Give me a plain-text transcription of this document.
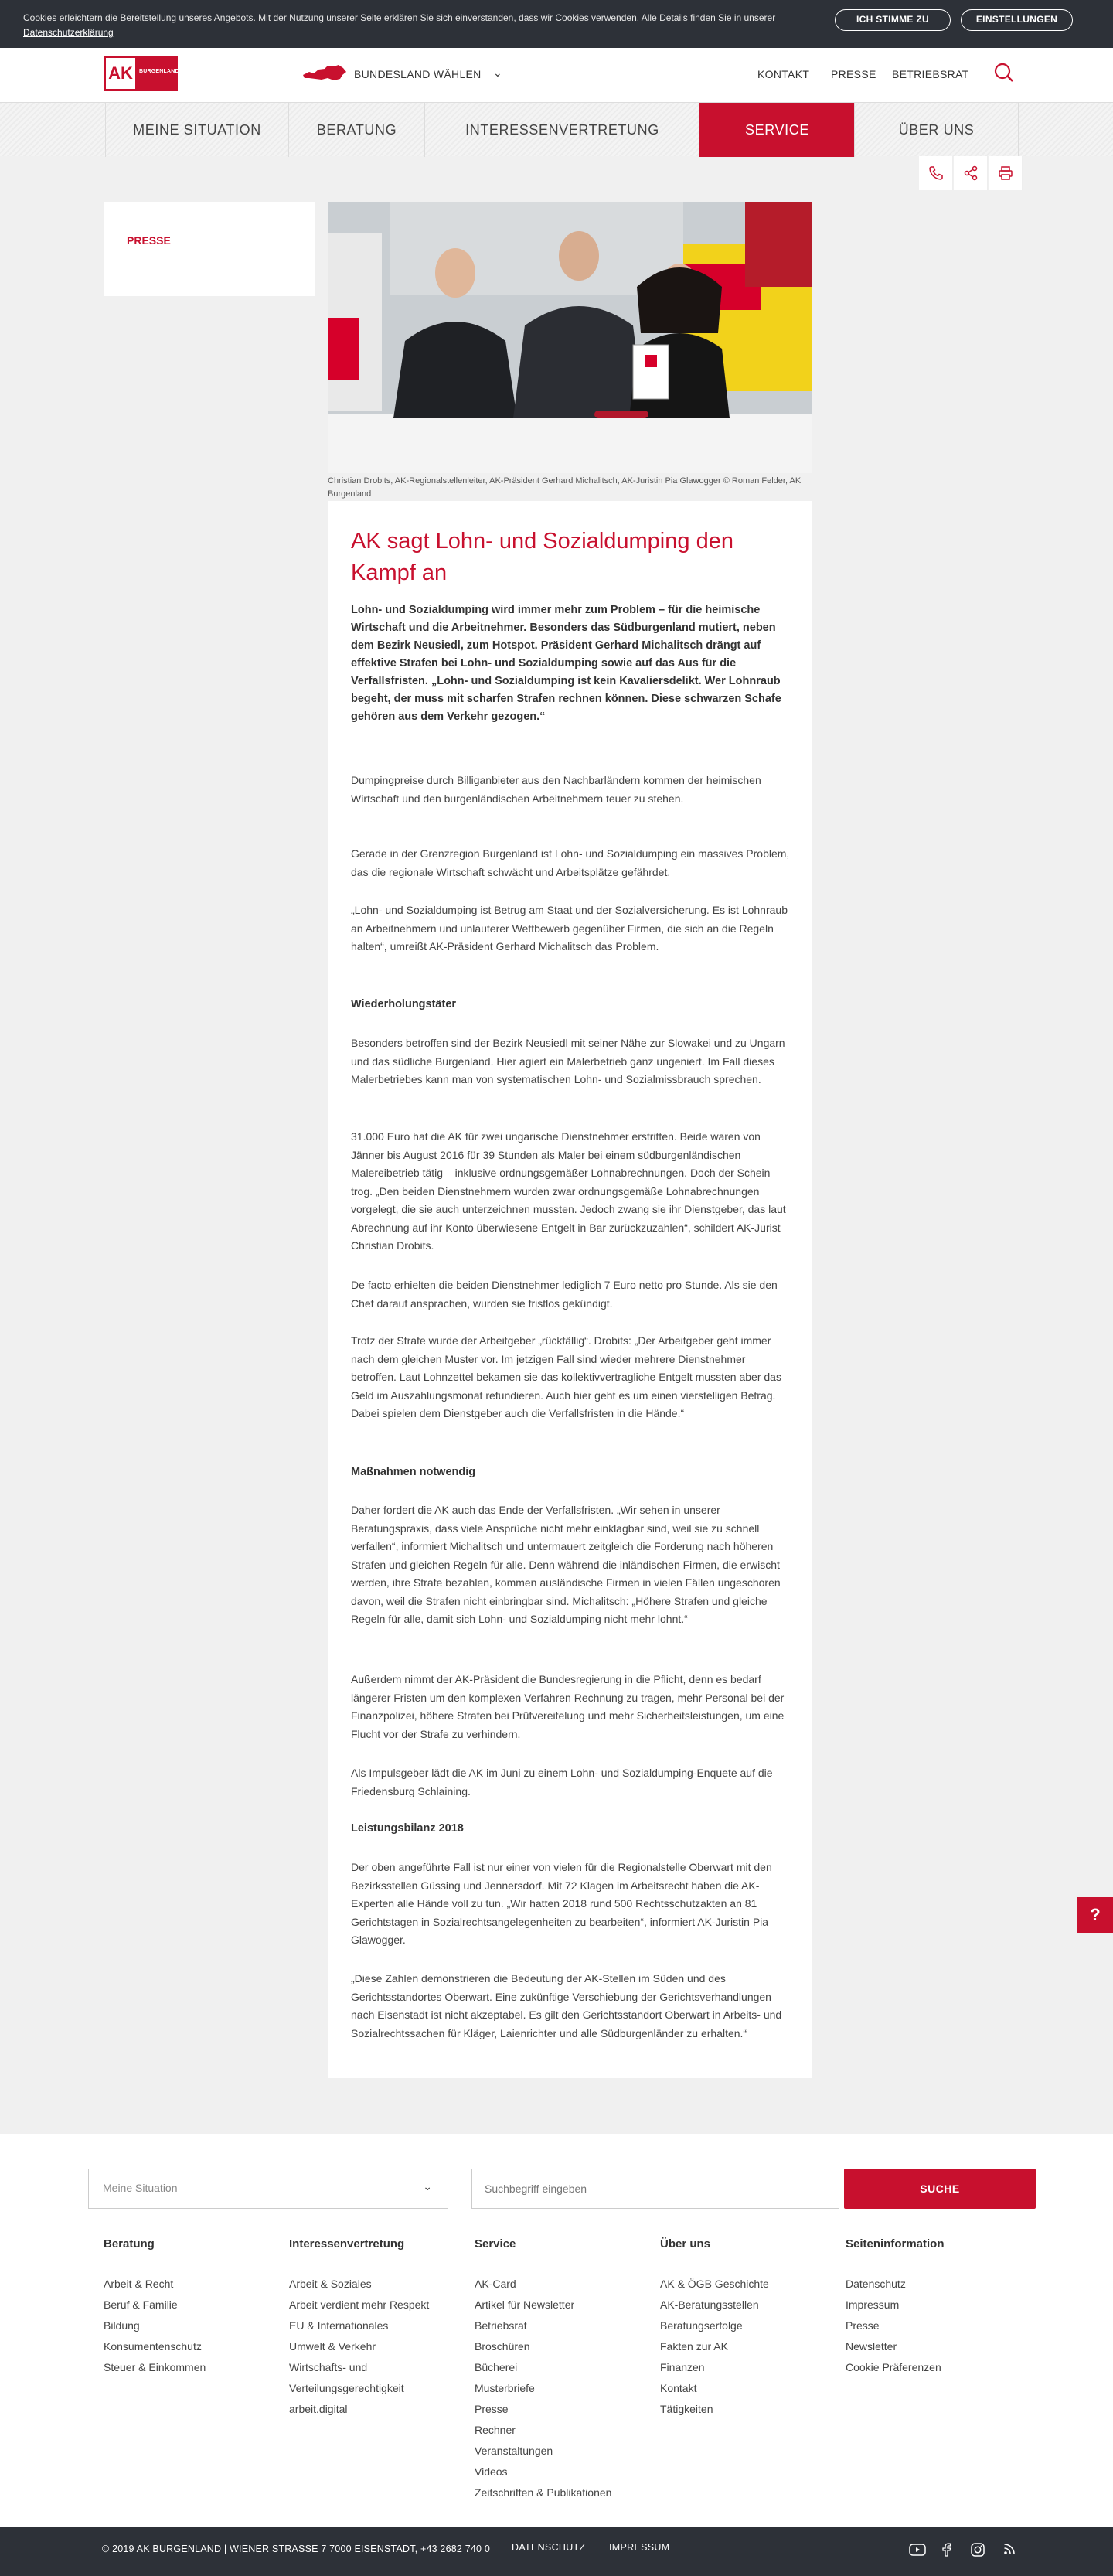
Cookies erleichtern die Bereitstellung unseres Angebots. Mit der Nutzung unserer Seite erklären Sie sich einverstanden, dass wir Cookies verwenden. Alle Details finden Sie in unserer
Datenschutzerklärung
ICH STIMME ZU	EINSTELLUNGEN
AK	BURGENLAND	BUNDESLAND WÄHLEN ⌄	KONTAKT PRESSE BETRIEBSRAT
MEINE SITUATION	BERATUNG	INTERESSENVERTRETUNG	SERVICE	ÜBER UNS
PRESSE
Christian Drobits, AK-Regionalstellenleiter, AK-Präsident Gerhard Michalitsch, AK-Juristin Pia Glawogger © Roman Felder, AK Burgenland
AK sagt Lohn- und Sozialdumping den Kampf an

Lohn- und Sozialdumping wird immer mehr zum Problem – für die heimische Wirtschaft und die Arbeitnehmer. Besonders das Südburgenland mutiert, neben dem Bezirk Neusiedl, zum Hotspot. Präsident Gerhard Michalitsch drängt auf effektive Strafen bei Lohn- und Sozialdumping sowie auf das Aus für die Verfallsfristen. „Lohn- und Sozialdumping ist kein Kavaliersdelikt. Wer Lohnraub begeht, der muss mit scharfen Strafen rechnen können. Diese schwarzen Schafe gehören aus dem Verkehr gezogen.“

Dumpingpreise durch Billiganbieter aus den Nachbarländern kommen der heimischen Wirtschaft und den burgenländischen Arbeitnehmern teuer zu stehen.

Gerade in der Grenzregion Burgenland ist Lohn- und Sozialdumping ein massives Problem, das die regionale Wirtschaft schwächt und Arbeitsplätze gefährdet.

„Lohn- und Sozialdumping ist Betrug am Staat und der Sozialversicherung. Es ist Lohnraub an Arbeitnehmern und unlauterer Wettbewerb gegenüber Firmen, die sich an die Regeln halten“, umreißt AK-Präsident Gerhard Michalitsch das Problem.

Wiederholungstäter

Besonders betroffen sind der Bezirk Neusiedl mit seiner Nähe zur Slowakei und zu Ungarn und das südliche Burgenland. Hier agiert ein Malerbetrieb ganz ungeniert. Im Fall dieses Malerbetriebes kann man von systematischen Lohn- und Sozialmissbrauch sprechen.

31.000 Euro hat die AK für zwei ungarische Dienstnehmer erstritten. Beide waren von Jänner bis August 2016 für 39 Stunden als Maler bei einem südburgenländischen Malereibetrieb tätig – inklusive ordnungsgemäßer Lohnabrechnungen. Doch der Schein trog. „Den beiden Dienstnehmern wurden zwar ordnungsgemäße Lohnabrechnungen vorgelegt, die sie auch unterzeichnen mussten. Jedoch zwang sie ihr Dienstgeber, das laut Abrechnung auf ihr Konto überwiesene Entgelt in Bar zurückzuzahlen“, schildert AK-Jurist Christian Drobits.

De facto erhielten die beiden Dienstnehmer lediglich 7 Euro netto pro Stunde. Als sie den Chef darauf ansprachen, wurden sie fristlos gekündigt.

Trotz der Strafe wurde der Arbeitgeber „rückfällig“. Drobits: „Der Arbeitgeber geht immer nach dem gleichen Muster vor. Im jetzigen Fall sind wieder mehrere Dienstnehmer betroffen. Laut Lohnzettel bekamen sie das kollektivvertragliche Entgelt mussten aber das Geld im Auszahlungsmonat refundieren. Auch hier geht es um einen vierstelligen Betrag. Dabei spielen dem Dienstgeber auch die Verfallsfristen in die Hände.“

Maßnahmen notwendig

Daher fordert die AK auch das Ende der Verfallsfristen. „Wir sehen in unserer Beratungspraxis, dass viele Ansprüche nicht mehr einklagbar sind, weil sie zu schnell verfallen“, informiert Michalitsch und untermauert zeitgleich die Forderung nach höheren Strafen und gleichen Regeln für alle. Denn während die inländischen Firmen, die erwischt werden, ihre Strafe bezahlen, kommen ausländische Firmen in vielen Fällen ungeschoren davon, weil die Strafen nicht einbringbar sind. Michalitsch: „Höhere Strafen und gleiche Regeln für alle, damit sich Lohn- und Sozialdumping nicht mehr lohnt.“

Außerdem nimmt der AK-Präsident die Bundesregierung in die Pflicht, denn es bedarf längerer Fristen um den komplexen Verfahren Rechnung zu tragen, mehr Personal bei der Finanzpolizei, höhere Strafen bei Prüfvereitelung und mehr Sicherheitsleistungen, um eine Flucht vor der Strafe zu verhindern.

Als Impulsgeber lädt die AK im Juni zu einem Lohn- und Sozialdumping-Enquete auf die Friedensburg Schlaining.

Leistungsbilanz 2018

Der oben angeführte Fall ist nur einer von vielen für die Regionalstelle Oberwart mit den Bezirksstellen Güssing und Jennersdorf. Mit 72 Klagen im Arbeitsrecht haben die AK-Experten alle Hände voll zu tun. „Wir hatten 2018 rund 500 Rechtsschutzakten an 81 Gerichtstagen in Sozialrechtsangelegenheiten zu bearbeiten“, informiert AK-Juristin Pia Glawogger.

„Diese Zahlen demonstrieren die Bedeutung der AK-Stellen im Süden und des Gerichtsstandortes Oberwart. Eine zukünftige Verschiebung der Gerichtsverhandlungen nach Eisenstadt ist nicht akzeptabel. Es gilt den Gerichtsstandort Oberwart in Arbeits- und Sozialrechtssachen für Kläger, Laienrichter und alle Südburgenländer zu erhalten.“

?
Meine Situation	⌄
Suchbegriff eingeben	SUCHE
Beratung
Arbeit & Recht
Beruf & Familie
Bildung
Konsumentenschutz
Steuer & Einkommen
Interessenvertretung
Arbeit & Soziales
Arbeit verdient mehr Respekt
EU & Internationales
Umwelt & Verkehr
Wirtschafts- und Verteilungsgerechtigkeit
arbeit.digital
Service
AK-Card
Artikel für Newsletter
Betriebsrat
Broschüren
Bücherei
Musterbriefe
Presse
Rechner
Veranstaltungen
Videos
Zeitschriften & Publikationen
Über uns
AK & ÖGB Geschichte
AK-Beratungsstellen
Beratungserfolge
Fakten zur AK
Finanzen
Kontakt
Tätigkeiten
Seiteninformation
Datenschutz
Impressum
Presse
Newsletter
Cookie Präferenzen
© 2019 AK BURGENLAND | WIENER STRASSE 7 7000 EISENSTADT, +43 2682 740 0	DATENSCHUTZ IMPRESSUM
